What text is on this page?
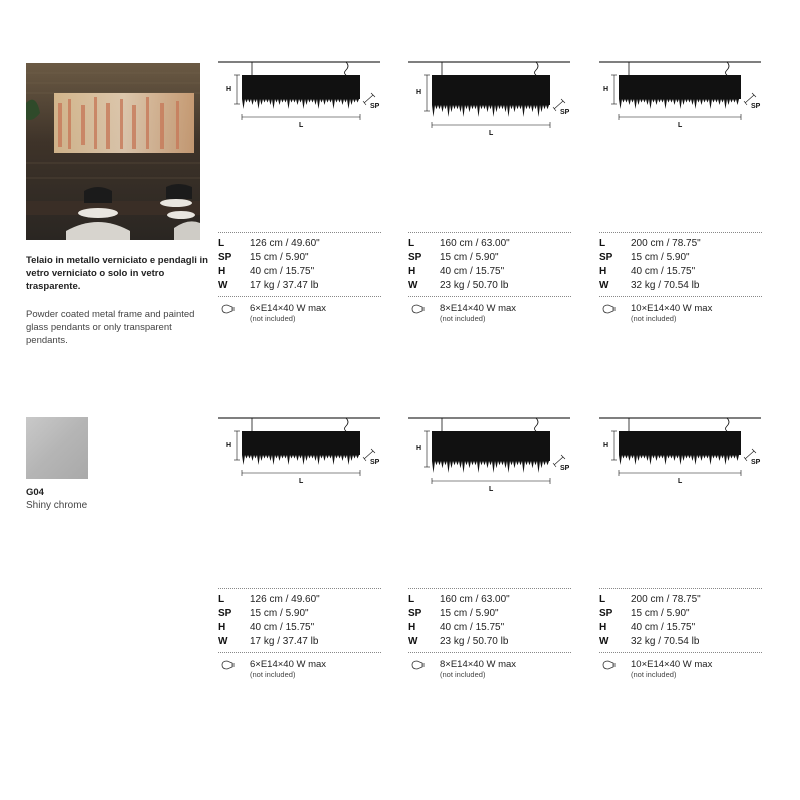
Telaio in metallo verniciato e pendagli in vetro verniciato o solo in vetro trasparente.
Powder coated metal frame and painted glass pendants or only transparent pendants.
G04
Shiny chrome
H
L
SP
H
L
SP
H
L
SP
H
L
SP
H
L
SP
H
L
SP
L	126 cm / 49.60"
SP	15 cm / 5.90"
H	40 cm / 15.75"
W	17 kg / 37.47 lb
6×E14×40 W max
(not included)
L	160 cm / 63.00"
SP	15 cm / 5.90"
H	40 cm / 15.75"
W	23 kg / 50.70 lb
8×E14×40 W max
(not included)
L	200 cm / 78.75"
SP	15 cm / 5.90"
H	40 cm / 15.75"
W	32 kg / 70.54 lb
10×E14×40 W max
(not included)
L	126 cm / 49.60"
SP	15 cm / 5.90"
H	40 cm / 15.75"
W	17 kg / 37.47 lb
6×E14×40 W max
(not included)
L	160 cm / 63.00"
SP	15 cm / 5.90"
H	40 cm / 15.75"
W	23 kg / 50.70 lb
8×E14×40 W max
(not included)
L	200 cm / 78.75"
SP	15 cm / 5.90"
H	40 cm / 15.75"
W	32 kg / 70.54 lb
10×E14×40 W max
(not included)
